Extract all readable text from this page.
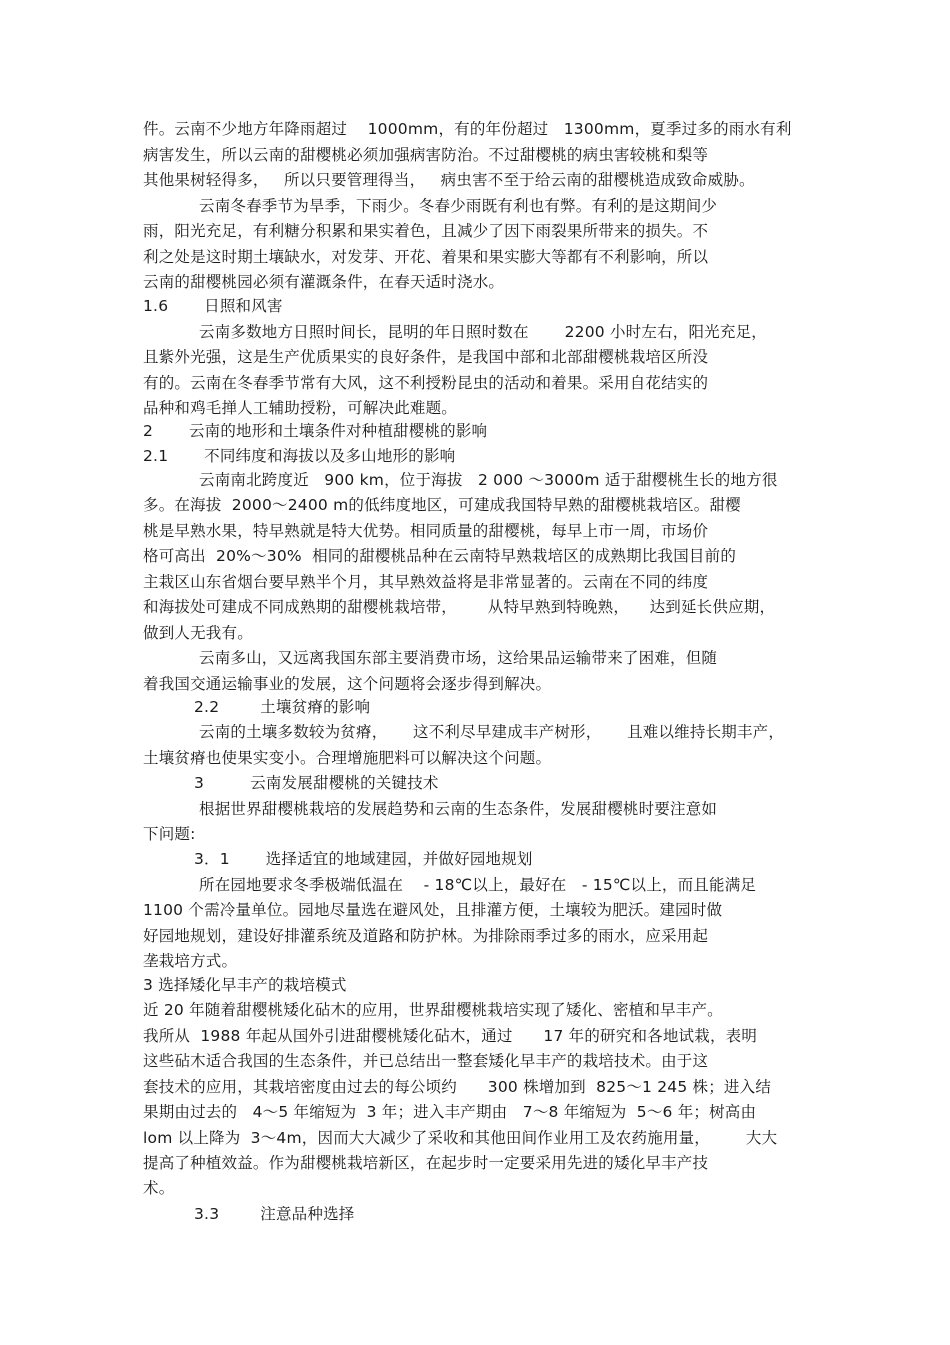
件。云南不少地方年降雨超过    1000mm，有的年份超过   1300mm，夏季过多的雨水有利
病害发生，所以云南的甜樱桃必须加强病害防治。不过甜樱桃的病虫害较桃和梨等
其他果树轻得多，   所以只要管理得当，   病虫害不至于给云南的甜樱桃造成致命威胁。
云南冬春季节为旱季，下雨少。冬春少雨既有利也有弊。有利的是这期间少
雨，阳光充足，有利糖分积累和果实着色，且减少了因下雨裂果所带来的损失。不
利之处是这时期土壤缺水，对发芽、开花、着果和果实膨大等都有不利影响，所以
云南的甜樱桃园必须有灌溉条件，在春天适时浇水。
1.6       日照和风害
云南多数地方日照时间长，昆明的年日照时数在       2200 小时左右，阳光充足，
且紫外光强，这是生产优质果实的良好条件，是我国中部和北部甜樱桃栽培区所没
有的。云南在冬春季节常有大风，这不利授粉昆虫的活动和着果。采用自花结实的
品种和鸡毛掸人工辅助授粉，可解决此难题。
2       云南的地形和土壤条件对种植甜樱桃的影响
2.1       不同纬度和海拔以及多山地形的影响
云南南北跨度近   900 km，位于海拔   2 000 ～3000m 适于甜樱桃生长的地方很
多。在海拔  2000～2400 m的低纬度地区，可建成我国特早熟的甜樱桃栽培区。甜樱
桃是早熟水果，特早熟就是特大优势。相同质量的甜樱桃，每早上市一周，市场价
格可高出  20%～30%  相同的甜樱桃品种在云南特早熟栽培区的成熟期比我国目前的
主栽区山东省烟台要早熟半个月，其早熟效益将是非常显著的。云南在不同的纬度
和海拔处可建成不同成熟期的甜樱桃栽培带，      从特早熟到特晚熟，    达到延长供应期，
做到人无我有。
云南多山，又远离我国东部主要消费市场，这给果品运输带来了困难，但随
着我国交通运输事业的发展，这个问题将会逐步得到解决。
2.2        土壤贫瘠的影响
云南的土壤多数较为贫瘠，     这不利尽早建成丰产树形，     且难以维持长期丰产，
土壤贫瘠也使果实变小。合理增施肥料可以解决这个问题。
3         云南发展甜樱桃的关键技术
根据世界甜樱桃栽培的发展趋势和云南的生态条件，发展甜樱桃时要注意如
下问题:
3．1       选择适宜的地域建园，并做好园地规划
所在园地要求冬季极端低温在    - 18℃以上，最好在   - 15℃以上，而且能满足
1100 个需冷量单位。园地尽量选在避风处，且排灌方便，土壤较为肥沃。建园时做
好园地规划，建设好排灌系统及道路和防护林。为排除雨季过多的雨水，应采用起
垄栽培方式。
3 选择矮化早丰产的栽培模式
近 20 年随着甜樱桃矮化砧木的应用，世界甜樱桃栽培实现了矮化、密植和早丰产。
我所从  1988 年起从国外引进甜樱桃矮化砧木，通过      17 年的研究和各地试栽，表明
这些砧木适合我国的生态条件，并已总结出一整套矮化早丰产的栽培技术。由于这
套技术的应用，其栽培密度由过去的每公顷约      300 株增加到  825～1 245 株；进入结
果期由过去的   4～5 年缩短为  3 年；进入丰产期由   7～8 年缩短为  5～6 年；树高由
lom 以上降为  3～4m，因而大大减少了采收和其他田间作业用工及农药施用量，       大大
提高了种植效益。作为甜樱桃栽培新区，在起步时一定要采用先进的矮化早丰产技
术。
3.3        注意品种选择
